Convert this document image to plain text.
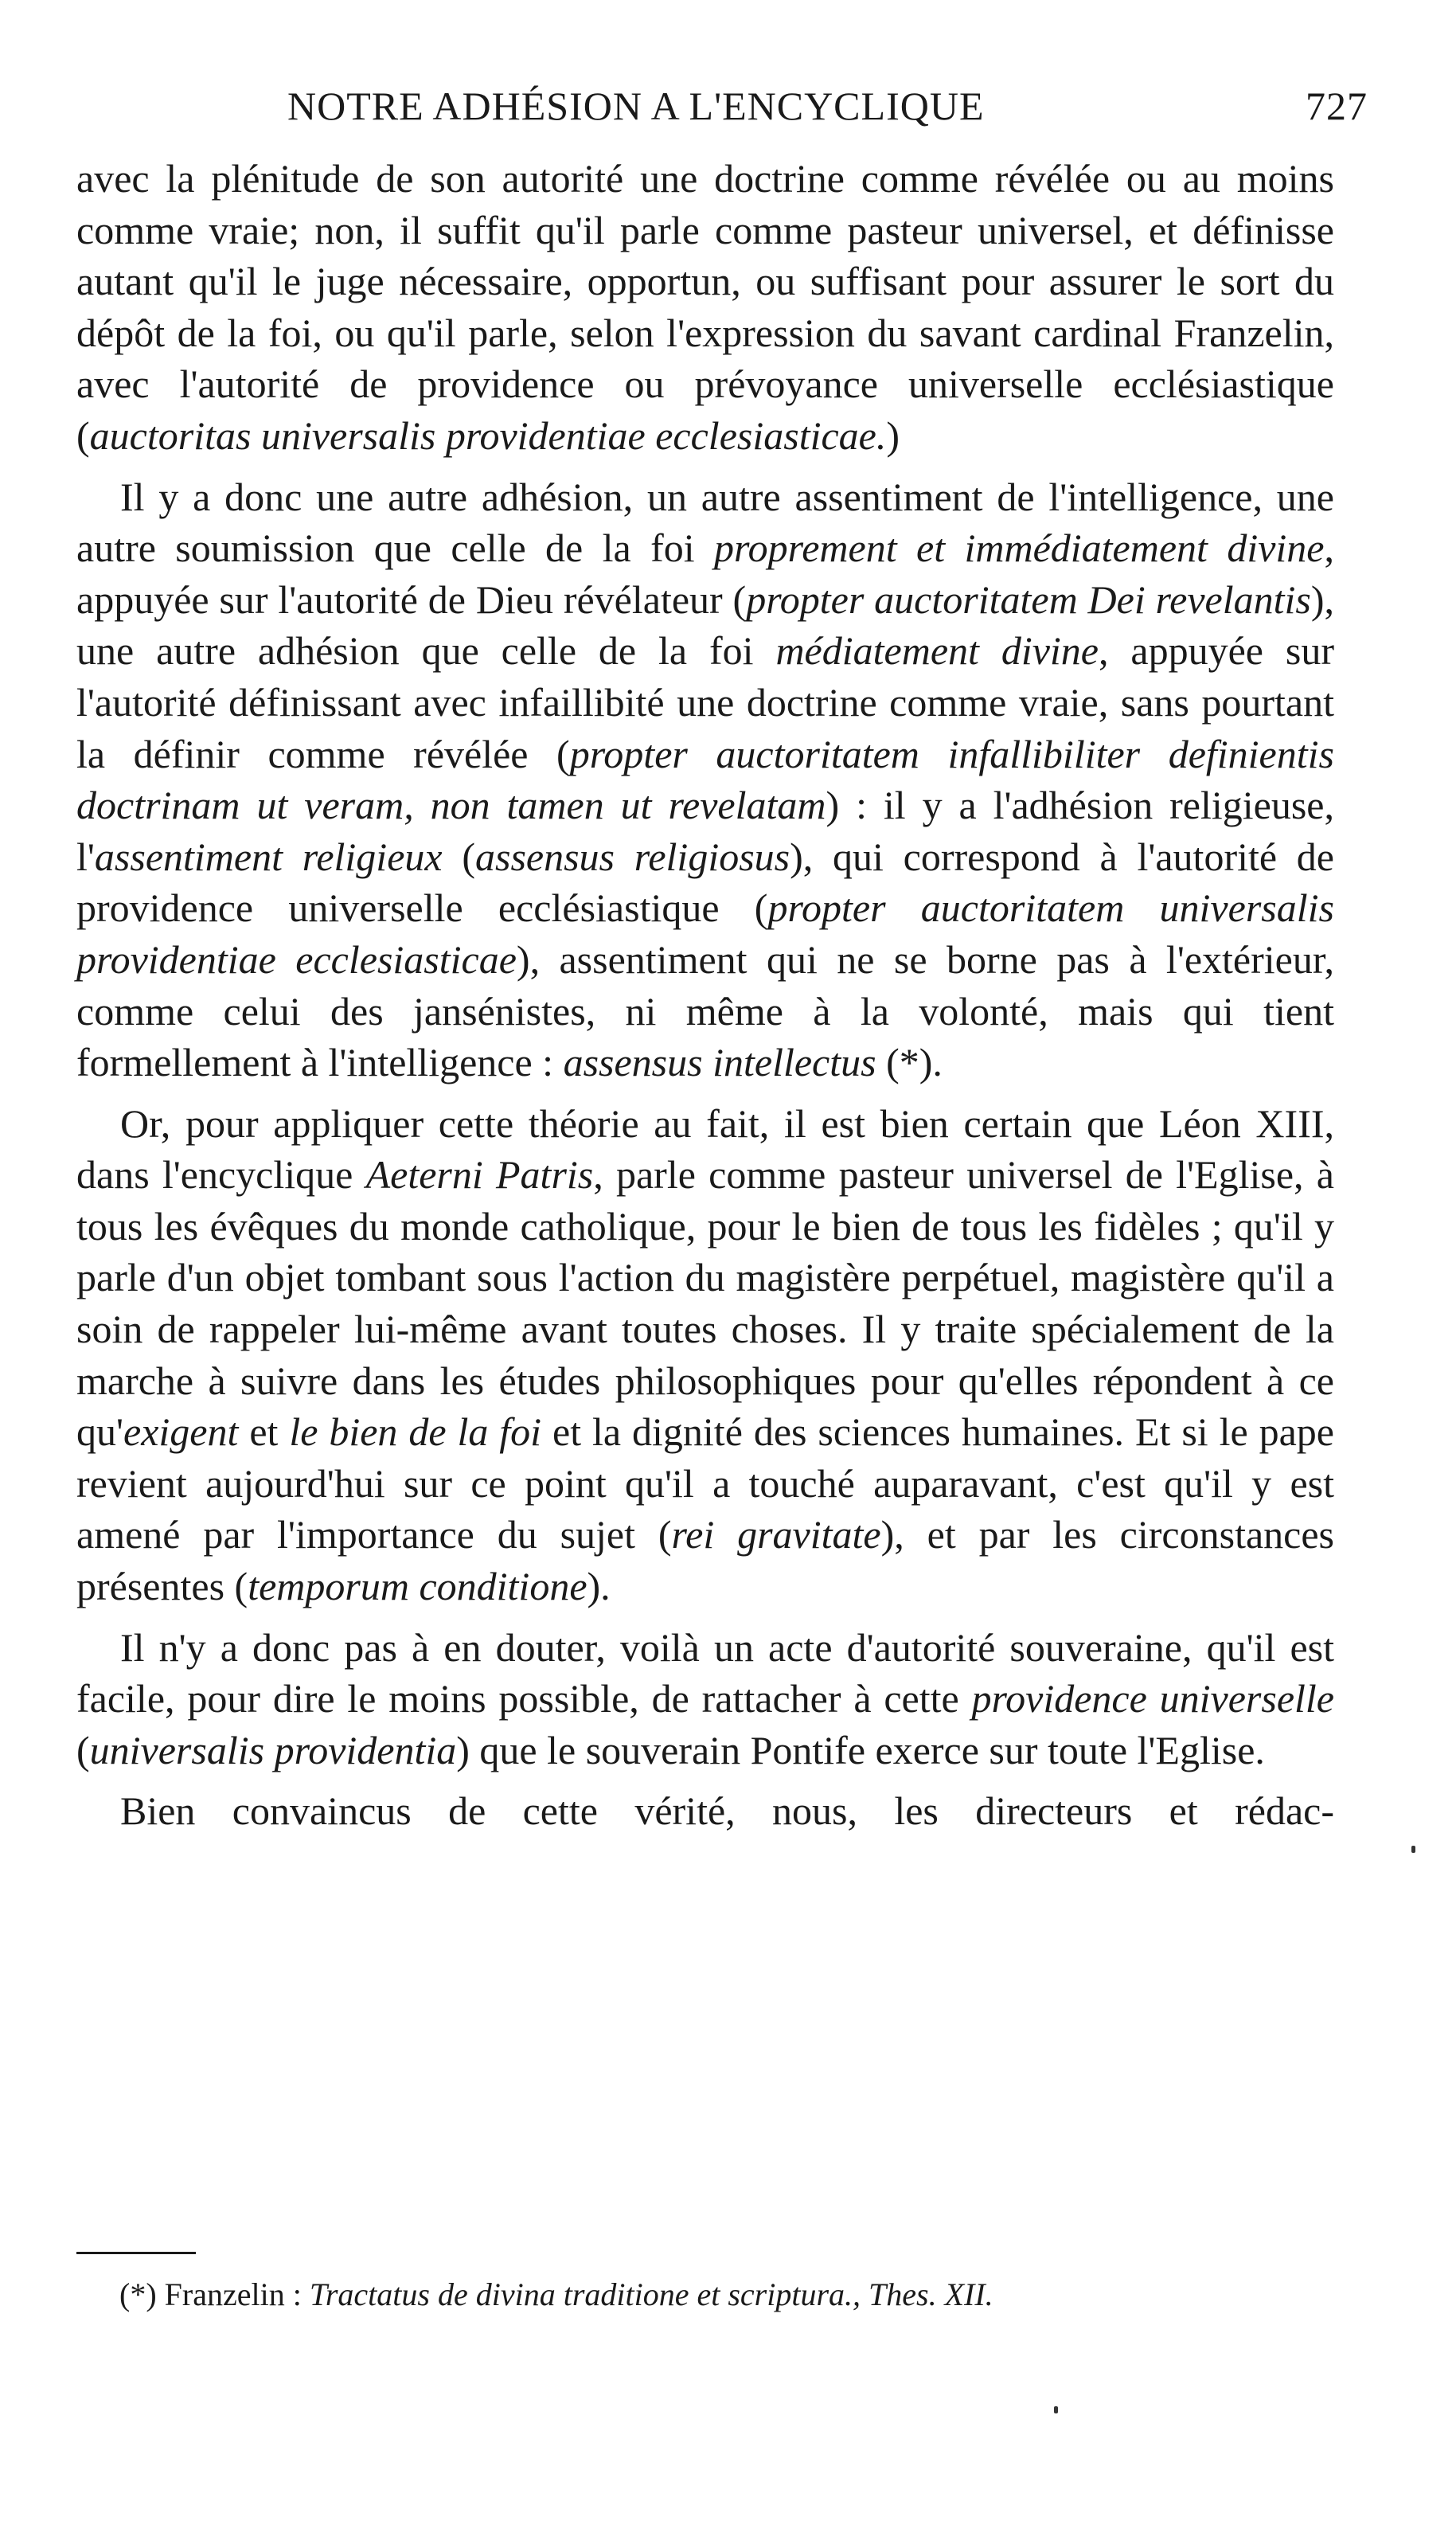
NOTRE ADHÉSION A L'ENCYCLIQUE	727

avec la plénitude de son autorité une doctrine comme révélée ou au moins comme vraie; non, il suffit qu'il parle comme pasteur universel, et définisse autant qu'il le juge nécessaire, opportun, ou suffisant pour assurer le sort du dépôt de la foi, ou qu'il parle, selon l'expression du savant cardinal Franzelin, avec l'autorité de providence ou prévoyance universelle ecclésiastique (auctoritas universalis providentiae ecclesiasticae.)

Il y a donc une autre adhésion, un autre assentiment de l'intelligence, une autre soumission que celle de la foi proprement et immédiatement divine, appuyée sur l'autorité de Dieu révélateur (propter auctoritatem Dei revelantis), une autre adhésion que celle de la foi médiatement divine, appuyée sur l'autorité définissant avec infaillibité une doctrine comme vraie, sans pourtant la définir comme révélée (propter auctoritatem infallibiliter definientis doctrinam ut veram, non tamen ut revelatam) : il y a l'adhésion religieuse, l'assentiment religieux (assensus religiosus), qui correspond à l'autorité de providence universelle ecclésiastique (propter auctoritatem universalis providentiae ecclesiasticae), assentiment qui ne se borne pas à l'extérieur, comme celui des jansénistes, ni même à la volonté, mais qui tient formellement à l'intelligence : assensus intellectus (*).

Or, pour appliquer cette théorie au fait, il est bien certain que Léon XIII, dans l'encyclique Aeterni Patris, parle comme pasteur universel de l'Eglise, à tous les évêques du monde catholique, pour le bien de tous les fidèles ; qu'il y parle d'un objet tombant sous l'action du magistère perpétuel, magistère qu'il a soin de rappeler lui-même avant toutes choses. Il y traite spécialement de la marche à suivre dans les études philosophiques pour qu'elles répondent à ce qu'exigent et le bien de la foi et la dignité des sciences humaines. Et si le pape revient aujourd'hui sur ce point qu'il a touché auparavant, c'est qu'il y est amené par l'importance du sujet (rei gravitate), et par les circonstances présentes (temporum conditione).

Il n'y a donc pas à en douter, voilà un acte d'autorité souveraine, qu'il est facile, pour dire le moins possible, de rattacher à cette providence universelle (universalis providentia) que le souverain Pontife exerce sur toute l'Eglise.

Bien convaincus de cette vérité, nous, les directeurs et rédac-

(*) Franzelin : Tractatus de divina traditione et scriptura., Thes. XII.
